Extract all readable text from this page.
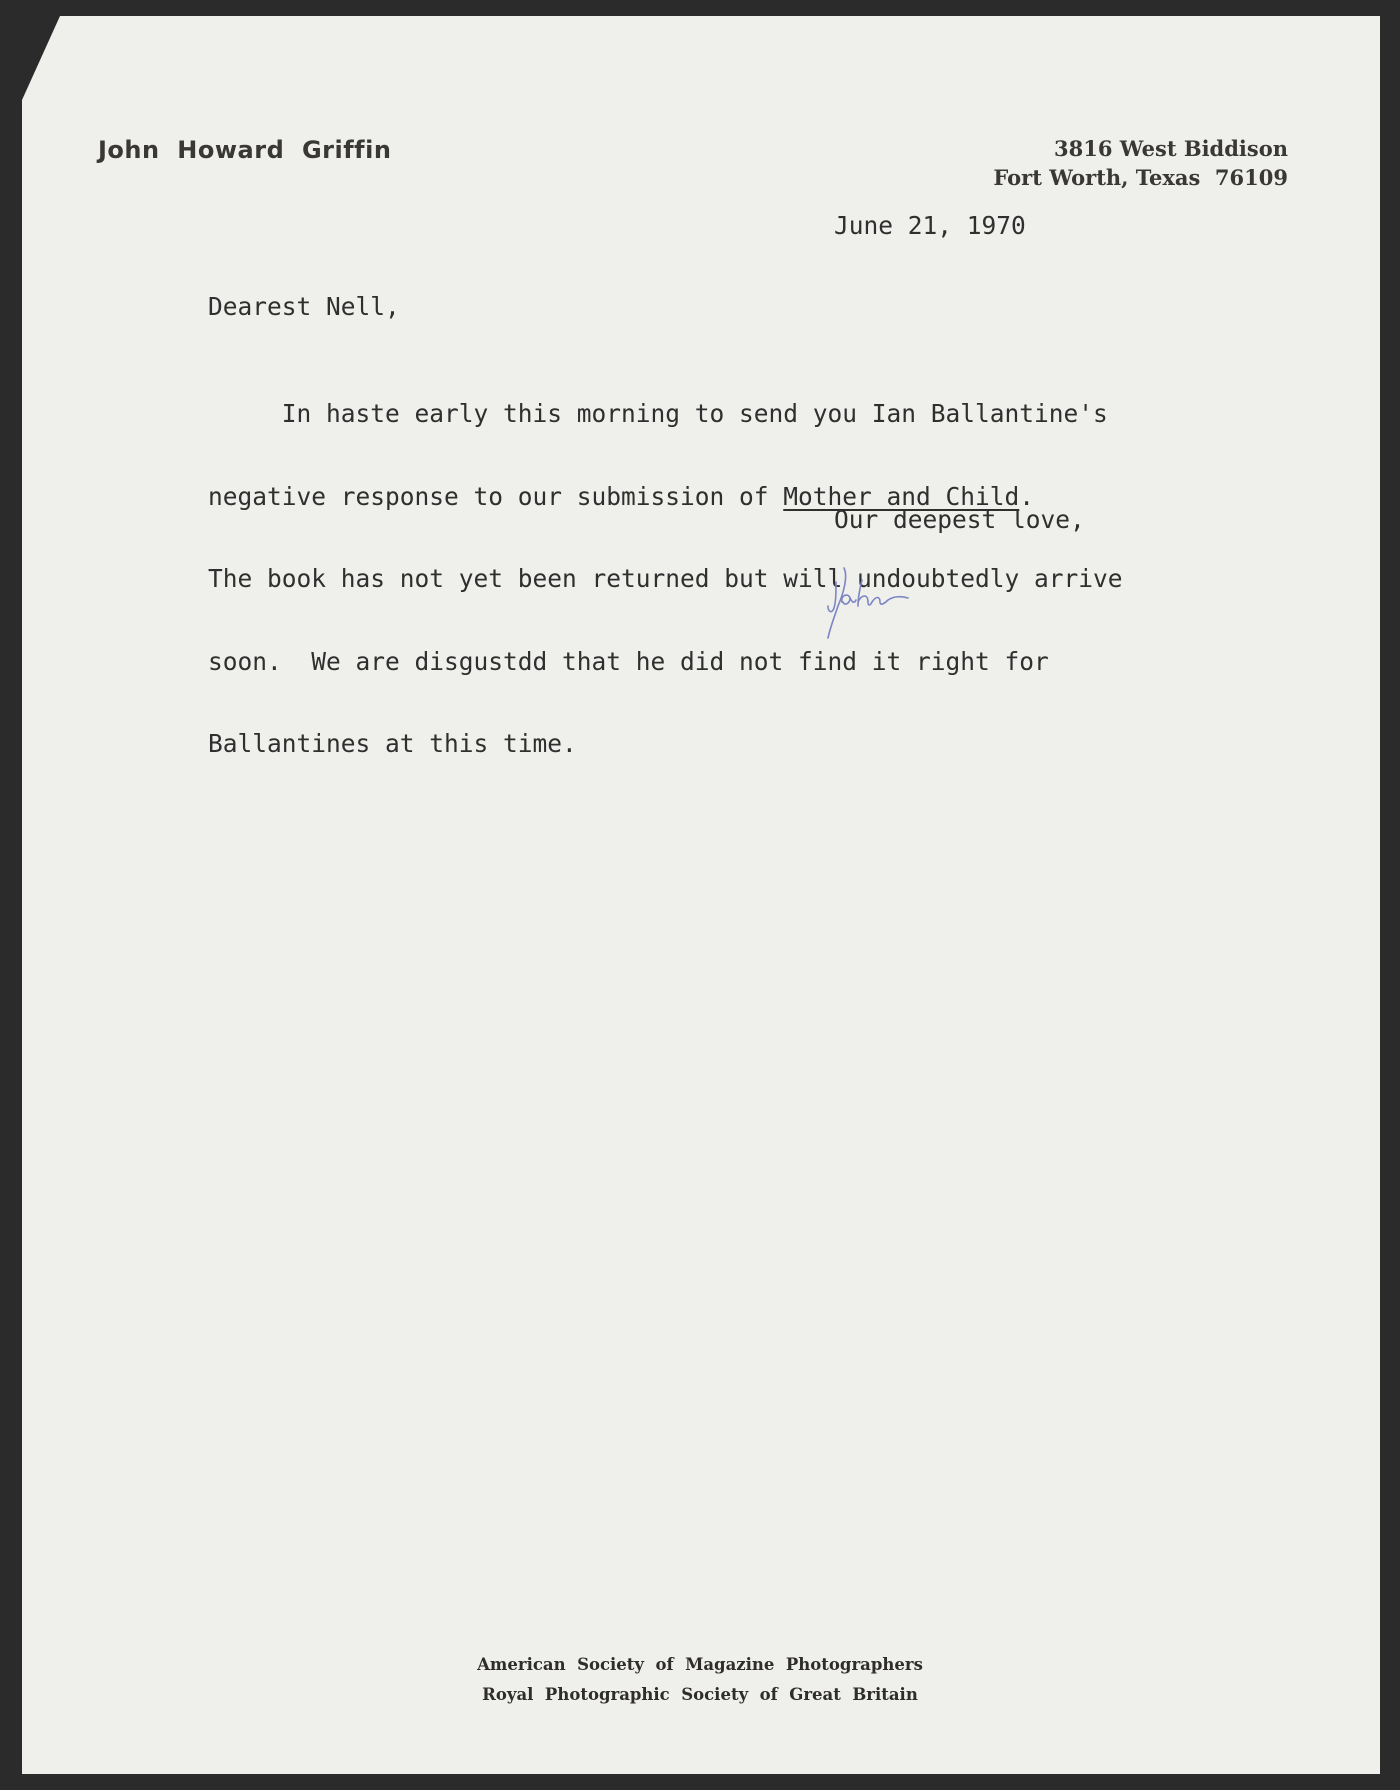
John  Howard  Griffin	3816 West Biddison
Fort Worth, Texas  76109
June 21, 1970
Dearest Nell,

In haste early this morning to send you Ian Ballantine's

negative response to our submission of Mother and Child.

The book has not yet been returned but will undoubtedly arrive

soon.  We are disgustdd that he did not find it right for

Ballantines at this time.

Our deepest love,
American  Society  of  Magazine  Photographers
Royal  Photographic  Society  of  Great  Britain
